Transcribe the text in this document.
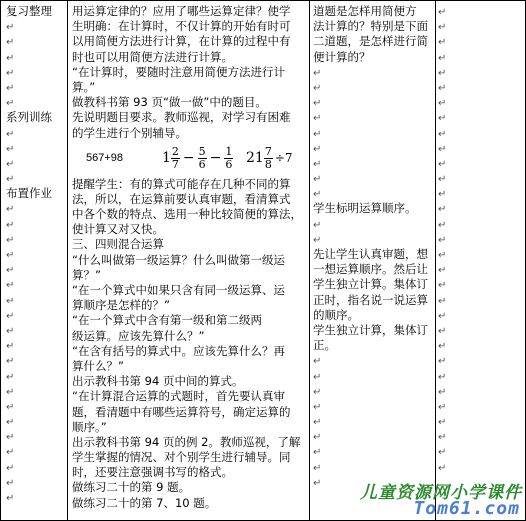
复习整理
↵
↵
↵
↵
↵
↵
系列训练
↵
↵
↵
↵
布置作业
↵
↵
↵
↵
↵
↵
↵
↵
↵
↵
↵
↵
↵
↵
↵
↵
↵
↵
↵
↵
用运算定律的？应用了哪些运算定律？使学
生明确：在计算时，不仅计算的开始有时可
以用简便方法进行计算，在计算的过程中有
时也可以用简便方法进行计算。
“在计算时，要随时注意用简便方法进行计
算。”
做教科书第 93 页“做一做”中的题目。
先说明题目要求。教师巡视，对学习有困难
的学生进行个别辅导。
567+98	$1 \frac{2}{7} - \frac{5}{6} - \frac{1}{6} 21 \frac{7}{8} \div 7$
提醒学生：有的算式可能存在几种不同的算
法，所以，在运算前要认真审题，看清算式
中各个数的特点、选用一种比较简便的算法，
使计算又对又快。
三、四则混合运算
“什么叫做第一级运算？什么叫做第一级运
算？”
“在一个算式中如果只含有同一级运算、运
算顺序是怎样的？”
“在一个算式中含有第一级和第二级两
级运算。应该先算什么？”
“在含有括号的算式中。应该先算什么？再
算什么？”
出示教科书第 94 页中间的算式。
“在计算混合运算的式题时，首先要认真审
题，看清题中有哪些运算符号，确定运算的
顺序。”
出示教科书第 94 页的例 2。教师巡视，了解
学生掌握的情况、对个别学生进行辅导。同
时，还要注意强调书写的格式。
做练习二十的第 9 题。
做练习二十的第 7、10 题。
道题是怎样用简便方
法计算的？特别是下面
二道题，是怎样进行简
便计算的？
↵
↵
↵
↵
↵
↵
↵
↵
↵
学生标明运算顺序。
↵
↵
先让学生认真审题，想
一想运算顺序。然后让
学生独立计算。集体订
正时，指名说一说运算
的顺序。
学生独立计算，集体订
正。
↵
↵
↵
↵
↵
↵
↵
↵
↵
↵
↵
↵
↵
↵
↵
↵
↵
↵
↵
↵
↵
↵
↵
↵
↵
↵
↵
↵
↵
↵
↵
↵
↵
↵
↵
↵
↵
↵
↵
↵
儿童资源网小学课件
Tom61.com
